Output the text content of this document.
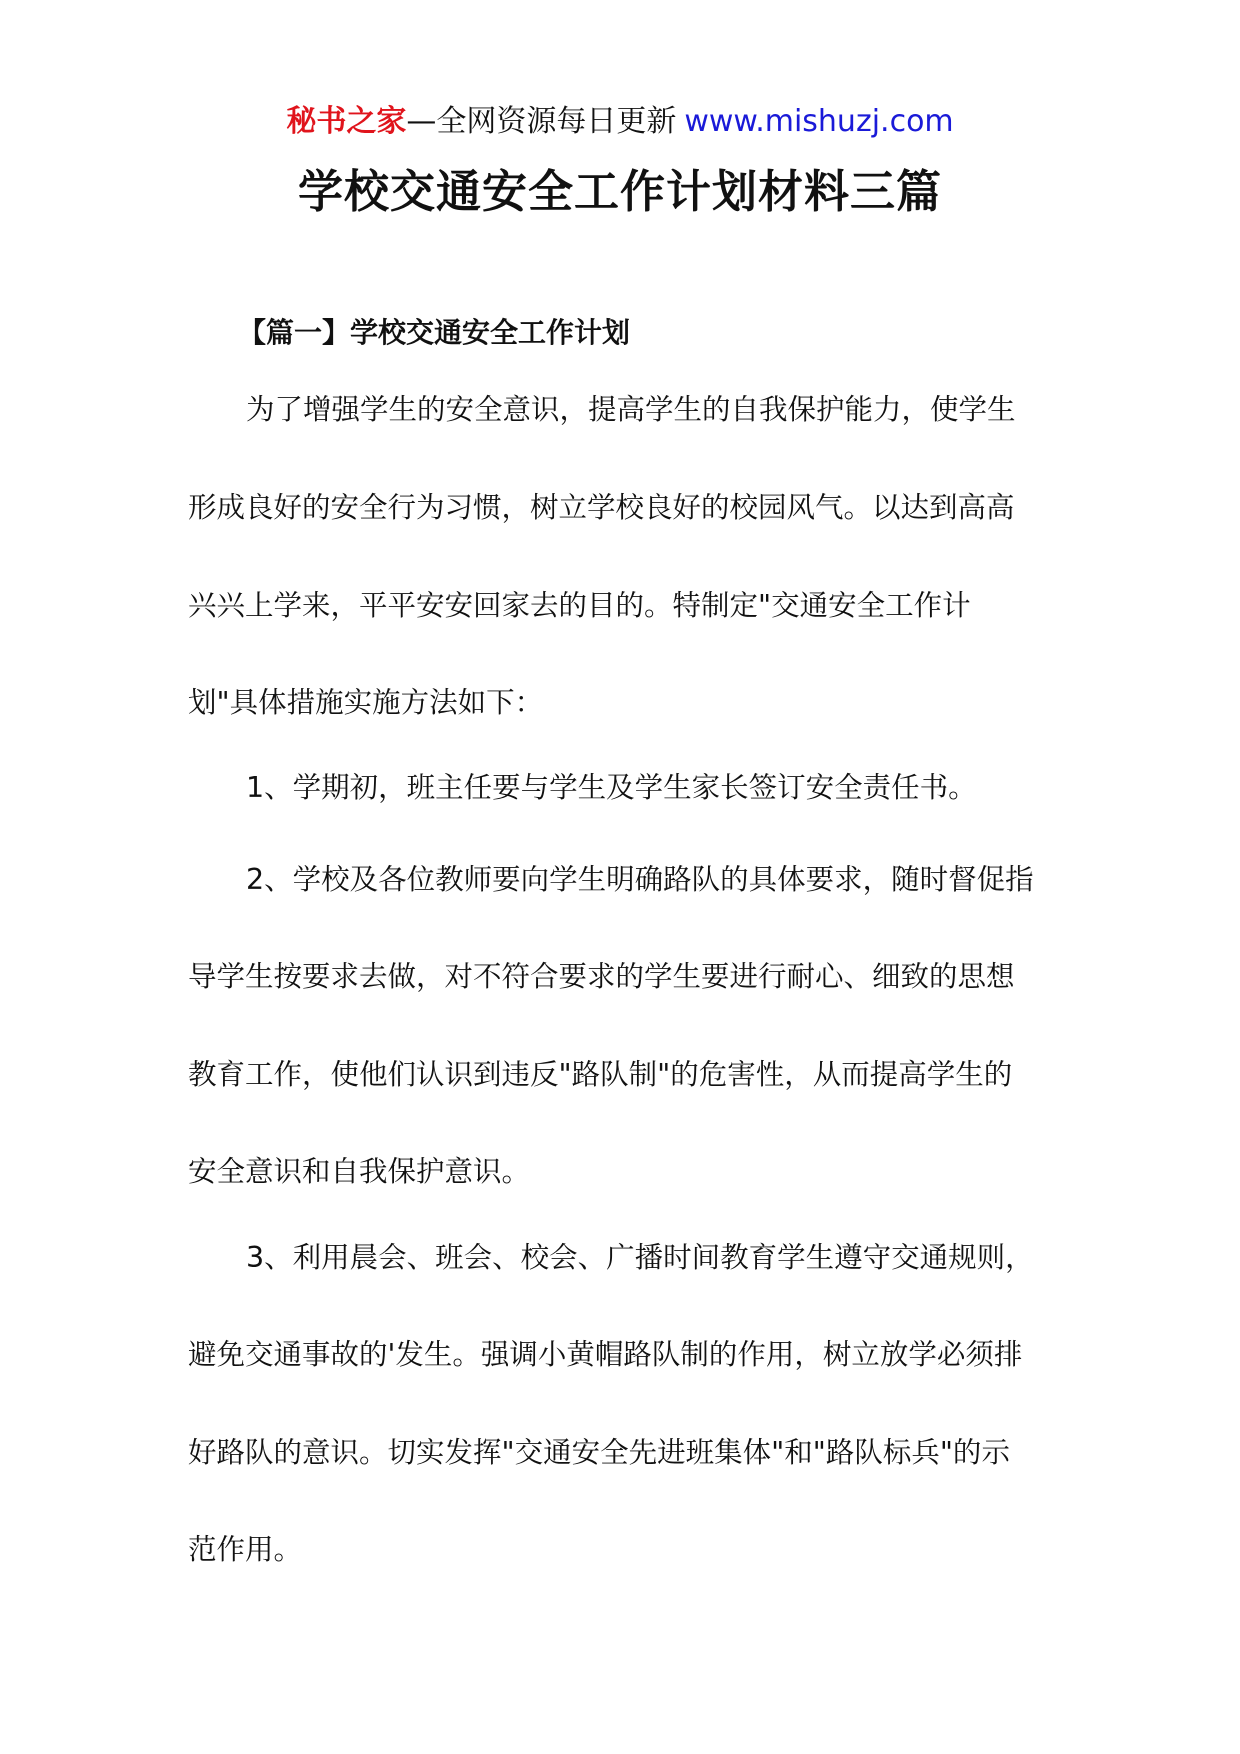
秘书之家—全网资源每日更新 www.mishuzj.com
学校交通安全工作计划材料三篇
【篇一】学校交通安全工作计划
为了增强学生的安全意识，提高学生的自我保护能力，使学生
形成良好的安全行为习惯，树立学校良好的校园风气。以达到高高
兴兴上学来，平平安安回家去的目的。特制定"交通安全工作计
划"具体措施实施方法如下：
1、学期初，班主任要与学生及学生家长签订安全责任书。
2、学校及各位教师要向学生明确路队的具体要求，随时督促指
导学生按要求去做，对不符合要求的学生要进行耐心、细致的思想
教育工作，使他们认识到违反"路队制"的危害性，从而提高学生的
安全意识和自我保护意识。
3、利用晨会、班会、校会、广播时间教育学生遵守交通规则，
避免交通事故的'发生。强调小黄帽路队制的作用，树立放学必须排
好路队的意识。切实发挥"交通安全先进班集体"和"路队标兵"的示
范作用。
